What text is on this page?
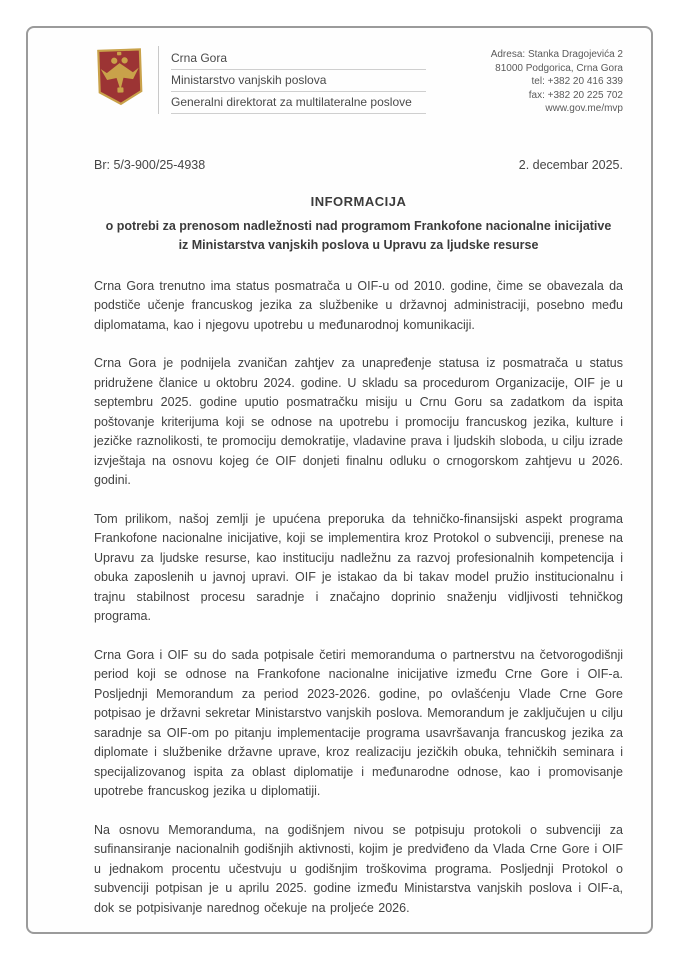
Crna Gora
Ministarstvo vanjskih poslova
Generalni direktorat za multilateralne poslove
Adresa: Stanka Dragojevića 2
81000 Podgorica, Crna Gora
tel: +382 20 416 339
fax: +382 20 225 702
www.gov.me/mvp
Br: 5/3-900/25-4938	2. decembar 2025.
INFORMACIJA
o potrebi za prenosom nadležnosti nad programom Frankofone nacionalne inicijative iz Ministarstva vanjskih poslova u Upravu za ljudske resurse

Crna Gora trenutno ima status posmatrača u OIF-u od 2010. godine, čime se obavezala da podstiče učenje francuskog jezika za službenike u državnoj administraciji, posebno među diplomatama, kao i njegovu upotrebu u međunarodnoj komunikaciji.

Crna Gora je podnijela zvaničan zahtjev za unapređenje statusa iz posmatrača u status pridružene članice u oktobru 2024. godine. U skladu sa procedurom Organizacije, OIF je u septembru 2025. godine uputio posmatračku misiju u Crnu Goru sa zadatkom da ispita poštovanje kriterijuma koji se odnose na upotrebu i promociju francuskog jezika, kulture i jezičke raznolikosti, te promociju demokratije, vladavine prava i ljudskih sloboda, u cilju izrade izvještaja na osnovu kojeg će OIF donjeti finalnu odluku o crnogorskom zahtjevu u 2026. godini.

Tom prilikom, našoj zemlji je upućena preporuka da tehničko-finansijski aspekt programa Frankofone nacionalne inicijative, koji se implementira kroz Protokol o subvenciji, prenese na Upravu za ljudske resurse, kao instituciju nadležnu za razvoj profesionalnih kompetencija i obuka zaposlenih u javnoj upravi. OIF je istakao da bi takav model pružio institucionalnu i trajnu stabilnost procesu saradnje i značajno doprinio snaženju vidljivosti tehničkog programa.

Crna Gora i OIF su do sada potpisale četiri memoranduma o partnerstvu na četvorogodišnji period koji se odnose na Frankofone nacionalne inicijative između Crne Gore i OIF-a. Posljednji Memorandum za period 2023-2026. godine, po ovlašćenju Vlade Crne Gore potpisao je državni sekretar Ministarstvo vanjskih poslova. Memorandum je zaključujen u cilju saradnje sa OIF-om po pitanju implementacije programa usavršavanja francuskog jezika za diplomate i službenike državne uprave, kroz realizaciju jezičkih obuka, tehničkih seminara i specijalizovanog ispita za oblast diplomatije i međunarodne odnose, kao i promovisanje upotrebe francuskog jezika u diplomatiji.

Na osnovu Memoranduma, na godišnjem nivou se potpisuju protokoli o subvenciji za sufinansiranje nacionalnih godišnjih aktivnosti, kojim je predviđeno da Vlada Crne Gore i OIF u jednakom procentu učestvuju u godišnjim troškovima programa. Posljednji Protokol o subvenciji potpisan je u aprilu 2025. godine između Ministarstva vanjskih poslova i OIF-a, dok se potpisivanje narednog očekuje na proljeće 2026.
